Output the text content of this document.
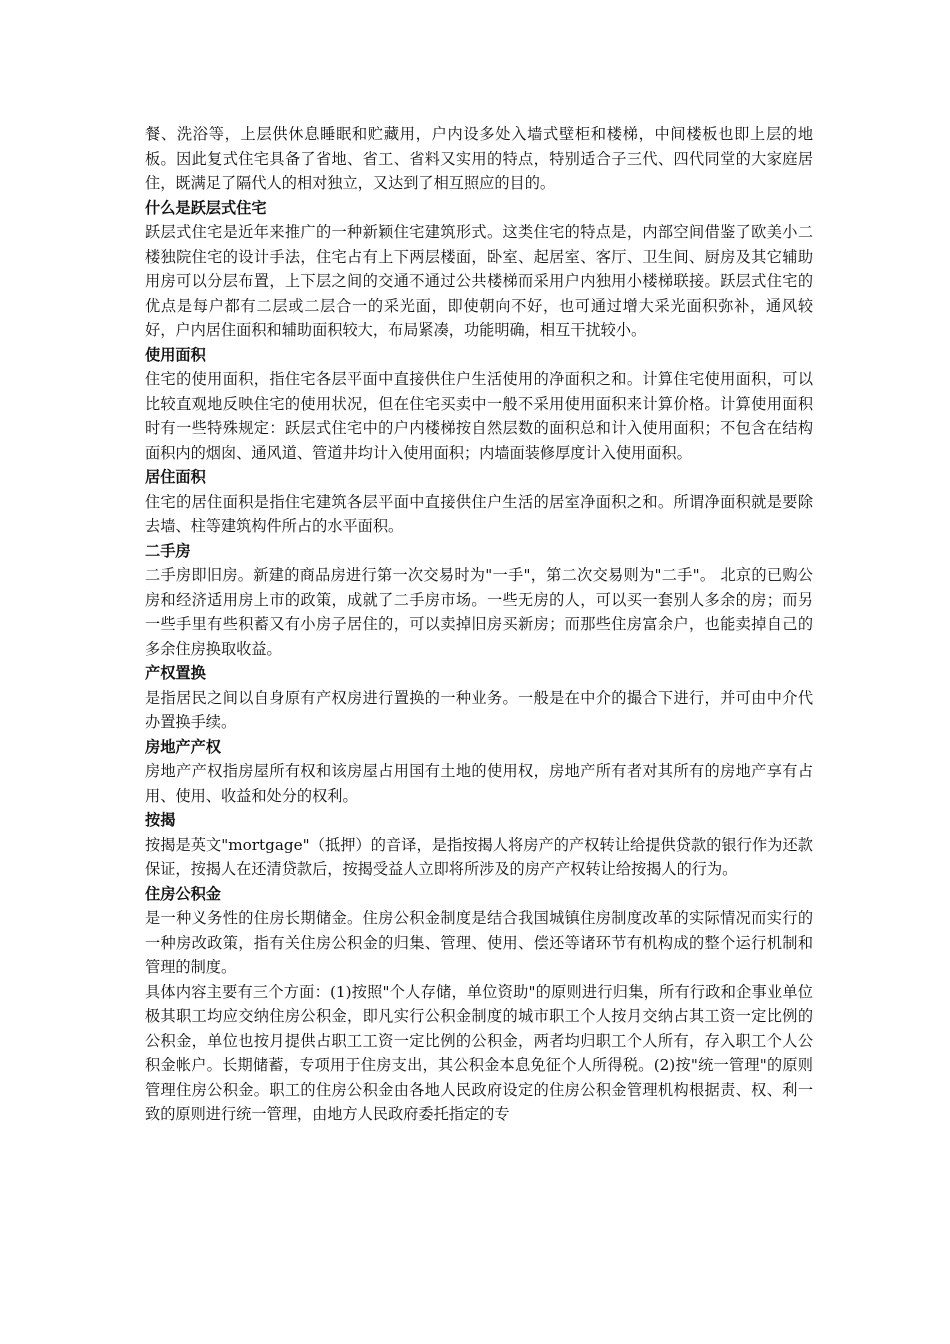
餐、洗浴等，上层供休息睡眠和贮藏用，户内设多处入墙式壁柜和楼梯，中间楼板也即上层的地板。因此复式住宅具备了省地、省工、省料又实用的特点，特别适合子三代、四代同堂的大家庭居住，既满足了隔代人的相对独立，又达到了相互照应的目的。

什么是跃层式住宅

跃层式住宅是近年来推广的一种新颖住宅建筑形式。这类住宅的特点是，内部空间借鉴了欧美小二楼独院住宅的设计手法，住宅占有上下两层楼面，卧室、起居室、客厅、卫生间、厨房及其它辅助用房可以分层布置，上下层之间的交通不通过公共楼梯而采用户内独用小楼梯联接。跃层式住宅的优点是每户都有二层或二层合一的采光面，即使朝向不好，也可通过增大采光面积弥补，通风较好，户内居住面积和辅助面积较大，布局紧凑，功能明确，相互干扰较小。

使用面积

住宅的使用面积，指住宅各层平面中直接供住户生活使用的净面积之和。计算住宅使用面积，可以比较直观地反映住宅的使用状况，但在住宅买卖中一般不采用使用面积来计算价格。计算使用面积时有一些特殊规定：跃层式住宅中的户内楼梯按自然层数的面积总和计入使用面积；不包含在结构面积内的烟囱、通风道、管道井均计入使用面积；内墙面装修厚度计入使用面积。

居住面积

住宅的居住面积是指住宅建筑各层平面中直接供住户生活的居室净面积之和。所谓净面积就是要除去墙、柱等建筑构件所占的水平面积。

二手房

二手房即旧房。新建的商品房进行第一次交易时为"一手"，第二次交易则为"二手"。 北京的已购公房和经济适用房上市的政策，成就了二手房市场。一些无房的人，可以买一套别人多余的房；而另一些手里有些积蓄又有小房子居住的，可以卖掉旧房买新房；而那些住房富余户，也能卖掉自己的多余住房换取收益。

产权置换

是指居民之间以自身原有产权房进行置换的一种业务。一般是在中介的撮合下进行，并可由中介代办置换手续。

房地产产权

房地产产权指房屋所有权和该房屋占用国有土地的使用权，房地产所有者对其所有的房地产享有占用、使用、收益和处分的权利。

按揭

按揭是英文"mortgage"（抵押）的音译，是指按揭人将房产的产权转让给提供贷款的银行作为还款保证，按揭人在还清贷款后，按揭受益人立即将所涉及的房产产权转让给按揭人的行为。

住房公积金

是一种义务性的住房长期储金。住房公积金制度是结合我国城镇住房制度改革的实际情况而实行的一种房改政策，指有关住房公积金的归集、管理、使用、偿还等诸环节有机构成的整个运行机制和管理的制度。

具体内容主要有三个方面：(1)按照"个人存储，单位资助"的原则进行归集，所有行政和企事业单位极其职工均应交纳住房公积金，即凡实行公积金制度的城市职工个人按月交纳占其工资一定比例的公积金，单位也按月提供占职工工资一定比例的公积金，两者均归职工个人所有，存入职工个人公积金帐户。长期储蓄，专项用于住房支出，其公积金本息免征个人所得税。(2)按"统一管理"的原则管理住房公积金。职工的住房公积金由各地人民政府设定的住房公积金管理机构根据责、权、利一致的原则进行统一管理，由地方人民政府委托指定的专
